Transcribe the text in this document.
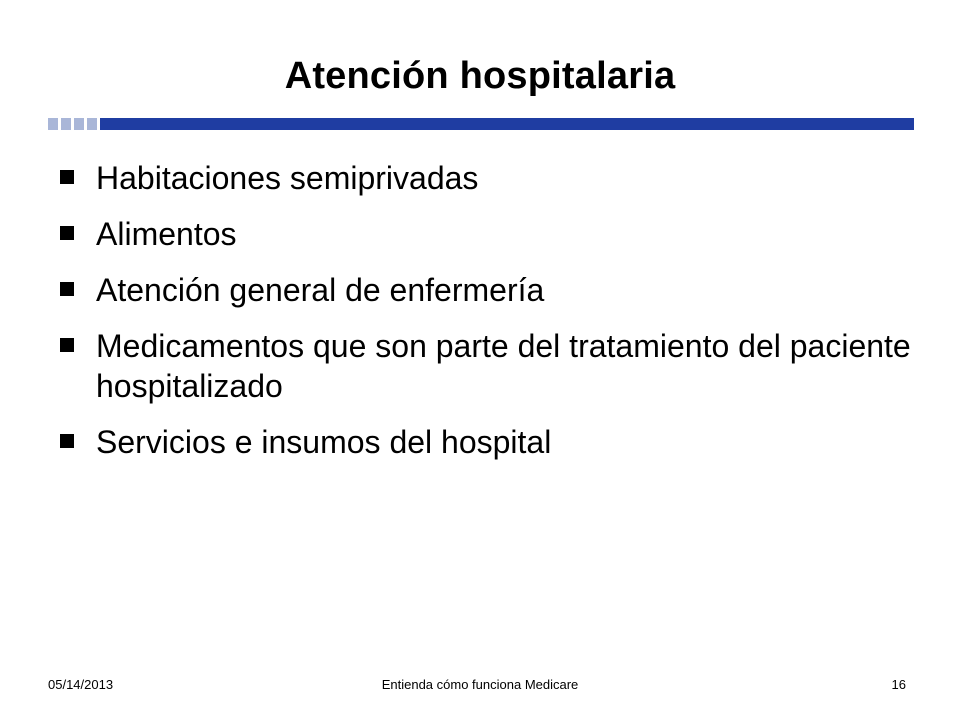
Atención hospitalaria
Habitaciones semiprivadas
Alimentos
Atención general de enfermería
Medicamentos que son parte del tratamiento del paciente hospitalizado
Servicios e insumos del hospital
05/14/2013	Entienda cómo funciona Medicare	16
